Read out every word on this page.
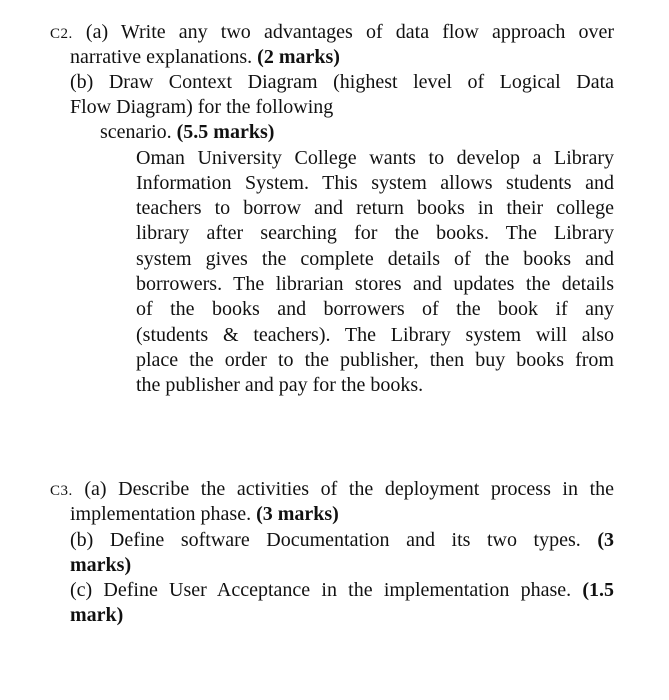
C2. (a) Write any two advantages of data flow approach over
narrative explanations. (2 marks)
(b) Draw Context Diagram (highest level of Logical Data
Flow Diagram) for the following
scenario. (5.5 marks)
Oman University College wants to develop a Library
Information System. This system allows students and
teachers to borrow and return books in their college
library after searching for the books. The Library
system gives the complete details of the books and
borrowers. The librarian stores and updates the details
of the books and borrowers of the book if any
(students & teachers). The Library system will also
place the order to the publisher, then buy books from
the publisher and pay for the books.
C3. (a) Describe the activities of the deployment process in the
implementation phase. (3 marks)
(b) Define software Documentation and its two types. (3
marks)
(c) Define User Acceptance in the implementation phase. (1.5
mark)
